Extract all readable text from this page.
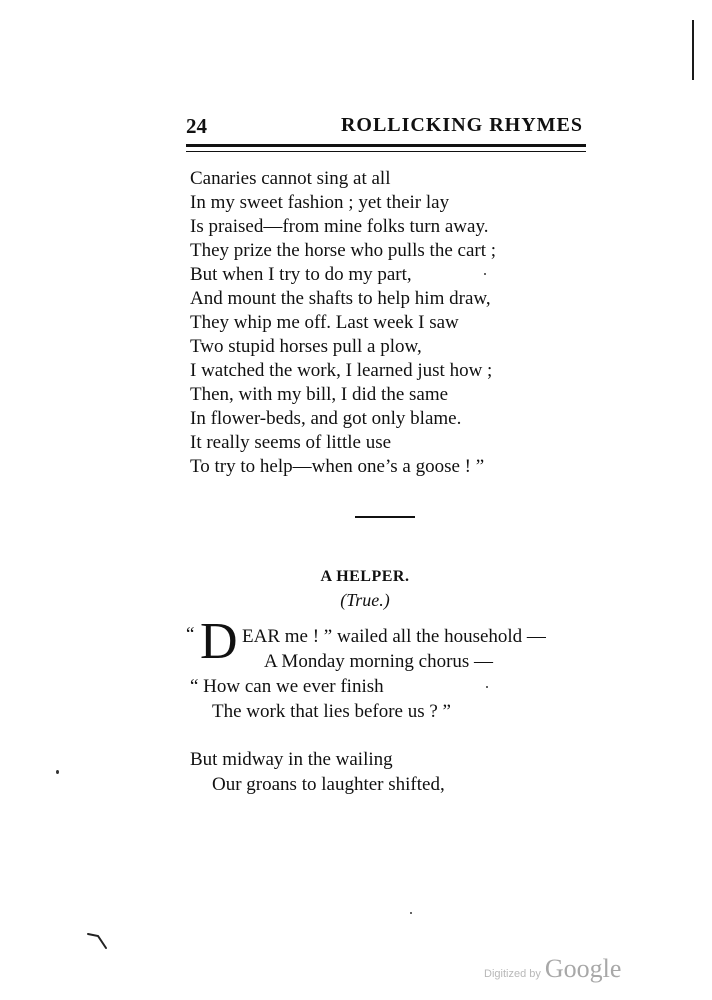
24	ROLLICKING RHYMES
Canaries cannot sing at all
In my sweet fashion ; yet their lay
Is praised—from mine folks turn away.
They prize the horse who pulls the cart ;
But when I try to do my part,
And mount the shafts to help him draw,
They whip me off. Last week I saw
Two stupid horses pull a plow,
I watched the work, I learned just how ;
Then, with my bill, I did the same
In flower-beds, and got only blame.
It really seems of little use
To try to help—when one’s a goose ! ”
A HELPER.
(True.)
“ D EAR me ! ” wailed all the household —
A Monday morning chorus —
“ How can we ever finish
The work that lies before us ? ”
But midway in the wailing
Our groans to laughter shifted,
Digitized by Google
